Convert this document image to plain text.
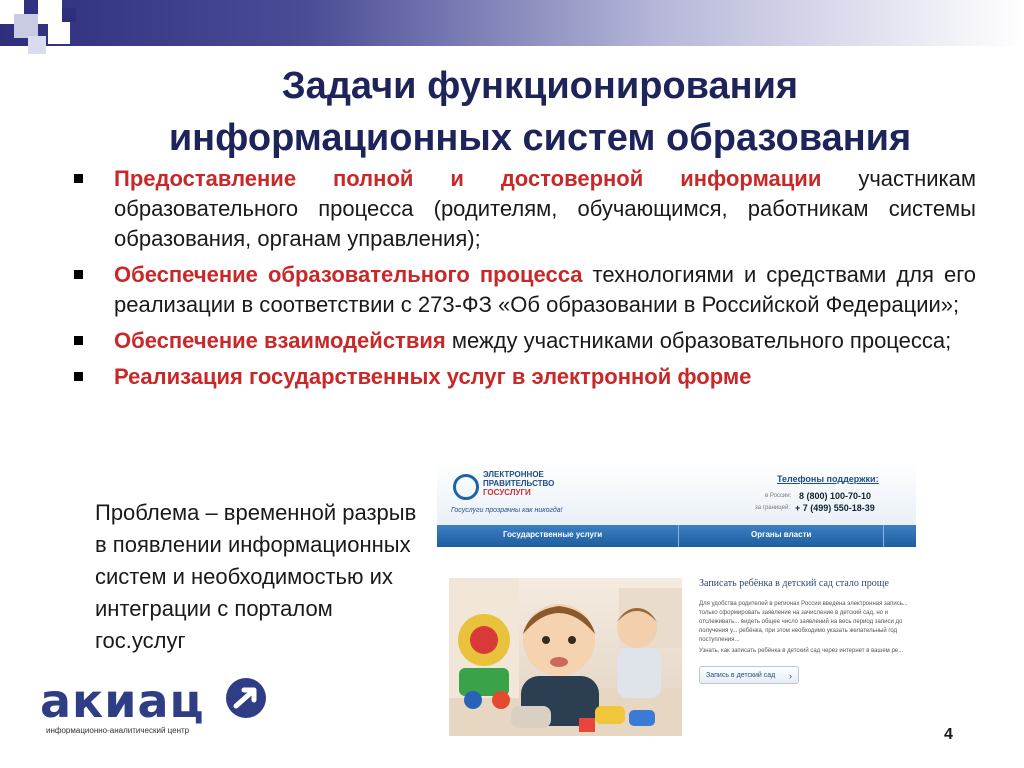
Задачи функционирования
информационных систем образования
Предоставление полной и достоверной информации участникам образовательного процесса (родителям, обучающимся, работникам системы образования, органам управления);
Обеспечение образовательного процесса технологиями и средствами для его реализации в соответствии с 273-ФЗ «Об образовании в Российской Федерации»;
Обеспечение взаимодействия между участниками образовательного процесса;
Реализация государственных услуг в электронной форме
Проблема – временной разрыв в появлении информационных систем и необходимостью их интеграции с порталом гос.услуг
ЭЛЕКТРОННОЕ
ПРАВИТЕЛЬСТВО
ГОСУСЛУГИ
Госуслуги прозрачны как никогда!
Телефоны поддержки:
в России: 8 (800) 100-70-10
за границей: + 7 (499) 550-18-39
Государственные услуги	Органы власти
Записать ребёнка в детский сад стало проще
Для удобства родителей в регионах России введена электронная запись... только сформировать заявление на зачисление в детский сад, но и отслеживать... видеть общее число заявлений на весь период записи до получения у... ребёнка, при этом необходимо указать желательный год поступления...
Узнать, как записать ребёнка в детский сад через интернет в вашем ре...
Запись в детский сад ›
акиац
информационно-аналитический центр	4
